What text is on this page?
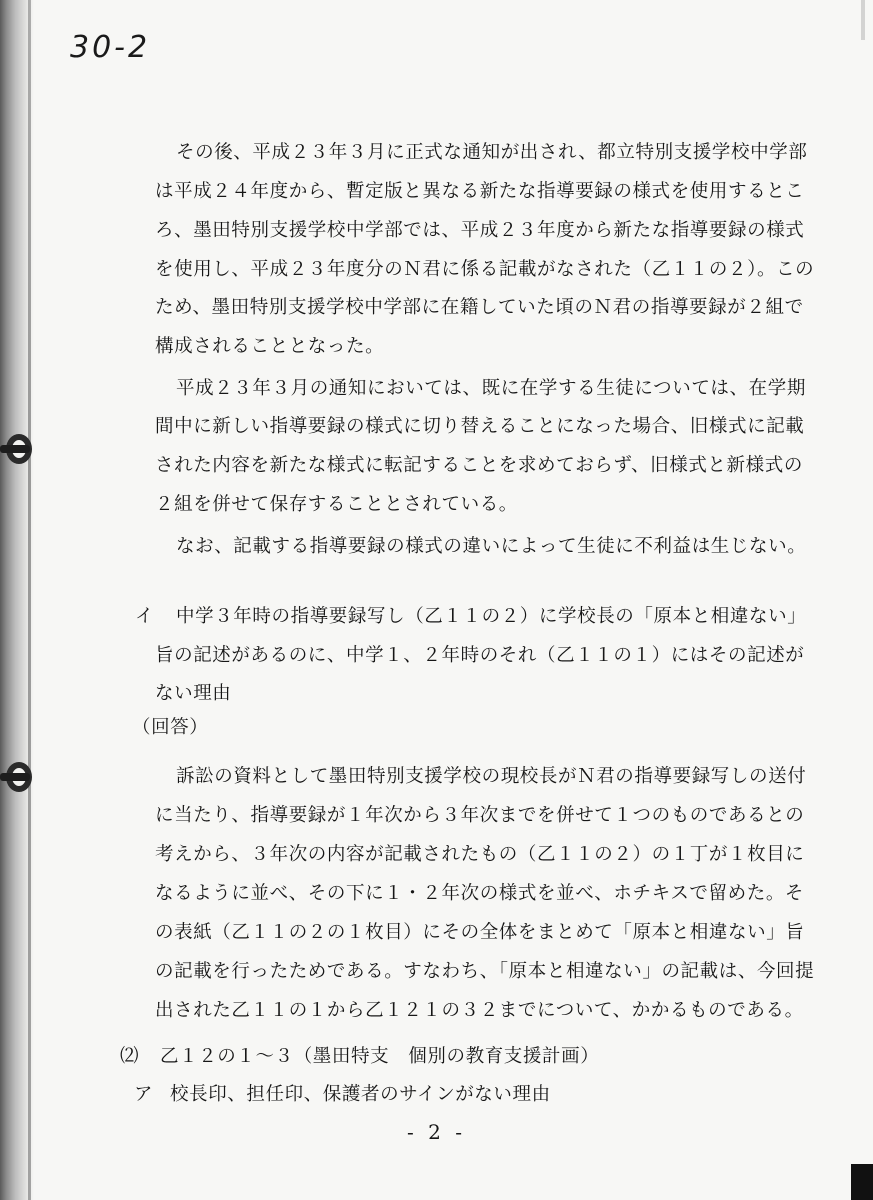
30-2
その後、平成２３年３月に正式な通知が出され、都立特別支援学校中学部
は平成２４年度から、暫定版と異なる新たな指導要録の様式を使用するとこ
ろ、墨田特別支援学校中学部では、平成２３年度から新たな指導要録の様式
を使用し、平成２３年度分のＮ君に係る記載がなされた（乙１１の２）。この
ため、墨田特別支援学校中学部に在籍していた頃のＮ君の指導要録が２組で
構成されることとなった。
平成２３年３月の通知においては、既に在学する生徒については、在学期
間中に新しい指導要録の様式に切り替えることになった場合、旧様式に記載
された内容を新たな様式に転記することを求めておらず、旧様式と新様式の
２組を併せて保存することとされている。
なお、記載する指導要録の様式の違いによって生徒に不利益は生じない。
イ 中学３年時の指導要録写し（乙１１の２）に学校長の「原本と相違ない」
旨の記述があるのに、中学１、２年時のそれ（乙１１の１）にはその記述が
ない理由
（回答）
訴訟の資料として墨田特別支援学校の現校長がＮ君の指導要録写しの送付
に当たり、指導要録が１年次から３年次までを併せて１つのものであるとの
考えから、３年次の内容が記載されたもの（乙１１の２）の１丁が１枚目に
なるように並べ、その下に１・２年次の様式を並べ、ホチキスで留めた。そ
の表紙（乙１１の２の１枚目）にその全体をまとめて「原本と相違ない」旨
の記載を行ったためである。すなわち、「原本と相違ない」の記載は、今回提
出された乙１１の１から乙１２１の３２までについて、かかるものである。
⑵ 乙１２の１～３（墨田特支　個別の教育支援計画）
ア 校長印、担任印、保護者のサインがない理由
- 2 -
